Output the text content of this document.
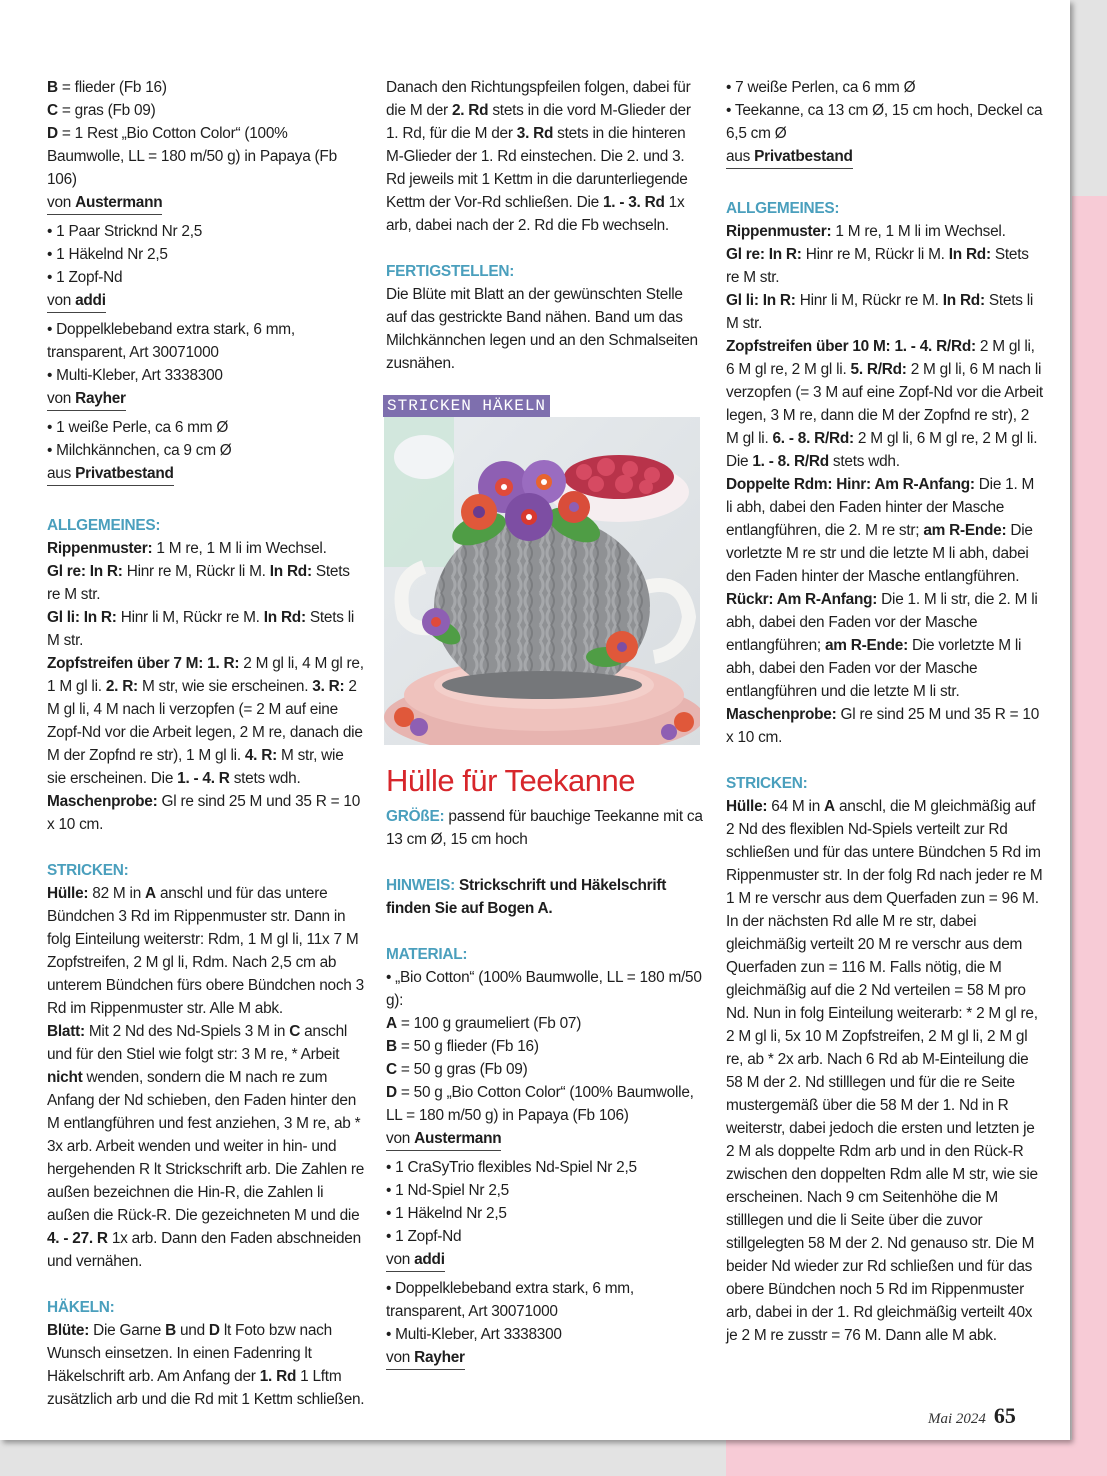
B = flieder (Fb 16)

C = gras (Fb 09)

D = 1 Rest „Bio Cotton Color“ (100% Baumwolle, LL = 180 m/50 g) in Papaya (Fb 106)

von Austermann

• 1 Paar Stricknd Nr 2,5

• 1 Häkelnd Nr 2,5

• 1 Zopf-Nd

von addi

• Doppelklebeband extra stark, 6 mm, transparent, Art 30071000

• Multi-Kleber, Art 3338300

von Rayher

• 1 weiße Perle, ca 6 mm Ø

• Milchkännchen, ca 9 cm Ø

aus Privatbestand

ALLGEMEINES:

Rippenmuster: 1 M re, 1 M li im Wechsel.

Gl re: In R: Hinr re M, Rückr li M. In Rd: Stets re M str.

Gl li: In R: Hinr li M, Rückr re M. In Rd: Stets li M str.

Zopfstreifen über 7 M: 1. R: 2 M gl li, 4 M gl re, 1 M gl li. 2. R: M str, wie sie erscheinen. 3. R: 2 M gl li, 4 M nach li verzopfen (= 2 M auf eine Zopf-Nd vor die Arbeit legen, 2 M re, danach die M der Zopfnd re str), 1 M gl li. 4. R: M str, wie sie erscheinen. Die 1. - 4. R stets wdh.

Maschenprobe: Gl re sind 25 M und 35 R = 10 x 10 cm.

STRICKEN:

Hülle: 82 M in A anschl und für das untere Bündchen 3 Rd im Rippenmuster str. Dann in folg Einteilung weiterstr: Rdm, 1 M gl li, 11x 7 M Zopfstreifen, 2 M gl li, Rdm. Nach 2,5 cm ab unterem Bündchen fürs obere Bündchen noch 3 Rd im Rippenmuster str. Alle M abk.

Blatt: Mit 2 Nd des Nd-Spiels 3 M in C anschl und für den Stiel wie folgt str: 3 M re, * Arbeit nicht wenden, sondern die M nach re zum Anfang der Nd schieben, den Faden hinter den M entlangführen und fest anziehen, 3 M re, ab * 3x arb. Arbeit wenden und weiter in hin- und hergehenden R lt Strickschrift arb. Die Zahlen re außen bezeichnen die Hin-R, die Zahlen li außen die Rück-R. Die gezeichneten M und die 4. - 27. R 1x arb. Dann den Faden abschneiden und vernähen.

HÄKELN:

Blüte: Die Garne B und D lt Foto bzw nach Wunsch einsetzen. In einen Fadenring lt Häkelschrift arb. Am Anfang der 1. Rd 1 Lftm zusätzlich arb und die Rd mit 1 Kettm schließen.

Danach den Richtungspfeilen folgen, dabei für die M der 2. Rd stets in die vord M-Glieder der 1. Rd, für die M der 3. Rd stets in die hinteren M-Glieder der 1. Rd einstechen. Die 2. und 3. Rd jeweils mit 1 Kettm in die darunterliegende Kettm der Vor-Rd schließen. Die 1. - 3. Rd 1x arb, dabei nach der 2. Rd die Fb wechseln.

FERTIGSTELLEN:

Die Blüte mit Blatt an der gewünschten Stelle auf das gestrickte Band nähen. Band um das Milchkännchen legen und an den Schmalseiten zusnähen.

STRICKEN HÄKELN

Hülle für Teekanne

GRÖßE: passend für bauchige Teekanne mit ca 13 cm Ø, 15 cm hoch

HINWEIS: Strickschrift und Häkelschrift finden Sie auf Bogen A.

MATERIAL:

• „Bio Cotton“ (100% Baumwolle, LL = 180 m/50 g):

A = 100 g graumeliert (Fb 07)

B = 50 g flieder (Fb 16)

C = 50 g gras (Fb 09)

D = 50 g „Bio Cotton Color“ (100% Baumwolle, LL = 180 m/50 g) in Papaya (Fb 106)

von Austermann

• 1 CraSyTrio flexibles Nd-Spiel Nr 2,5

• 1 Nd-Spiel Nr 2,5

• 1 Häkelnd Nr 2,5

• 1 Zopf-Nd

von addi

• Doppelklebeband extra stark, 6 mm, transparent, Art 30071000

• Multi-Kleber, Art 3338300

von Rayher

• 7 weiße Perlen, ca 6 mm Ø

• Teekanne, ca 13 cm Ø, 15 cm hoch, Deckel ca 6,5 cm Ø

aus Privatbestand

ALLGEMEINES:

Rippenmuster: 1 M re, 1 M li im Wechsel.

Gl re: In R: Hinr re M, Rückr li M. In Rd: Stets re M str.

Gl li: In R: Hinr li M, Rückr re M. In Rd: Stets li M str.

Zopfstreifen über 10 M: 1. - 4. R/Rd: 2 M gl li, 6 M gl re, 2 M gl li. 5. R/Rd: 2 M gl li, 6 M nach li verzopfen (= 3 M auf eine Zopf-Nd vor die Arbeit legen, 3 M re, dann die M der Zopfnd re str), 2 M gl li. 6. - 8. R/Rd: 2 M gl li, 6 M gl re, 2 M gl li. Die 1. - 8. R/Rd stets wdh.

Doppelte Rdm: Hinr: Am R-Anfang: Die 1. M li abh, dabei den Faden hinter der Masche entlangführen, die 2. M re str; am R-Ende: Die vorletzte M re str und die letzte M li abh, dabei den Faden hinter der Masche entlangführen. Rückr: Am R-Anfang: Die 1. M li str, die 2. M li abh, dabei den Faden vor der Masche entlangführen; am R-Ende: Die vorletzte M li abh, dabei den Faden vor der Masche entlangführen und die letzte M li str.

Maschenprobe: Gl re sind 25 M und 35 R = 10 x 10 cm.

STRICKEN:

Hülle: 64 M in A anschl, die M gleichmäßig auf 2 Nd des flexiblen Nd-Spiels verteilt zur Rd schließen und für das untere Bündchen 5 Rd im Rippenmuster str. In der folg Rd nach jeder re M 1 M re verschr aus dem Querfaden zun = 96 M. In der nächsten Rd alle M re str, dabei gleichmäßig verteilt 20 M re verschr aus dem Querfaden zun = 116 M. Falls nötig, die M gleichmäßig auf die 2 Nd verteilen = 58 M pro Nd. Nun in folg Einteilung weiterarb: * 2 M gl re, 2 M gl li, 5x 10 M Zopfstreifen, 2 M gl li, 2 M gl re, ab * 2x arb. Nach 6 Rd ab M-Einteilung die 58 M der 2. Nd stilllegen und für die re Seite mustergemäß über die 58 M der 1. Nd in R weiterstr, dabei jedoch die ersten und letzten je 2 M als doppelte Rdm arb und in den Rück-R zwischen den doppelten Rdm alle M str, wie sie erscheinen. Nach 9 cm Seitenhöhe die M stilllegen und die li Seite über die zuvor stillgelegten 58 M der 2. Nd genauso str. Die M beider Nd wieder zur Rd schließen und für das obere Bündchen noch 5 Rd im Rippenmuster arb, dabei in der 1. Rd gleichmäßig verteilt 40x je 2 M re zusstr = 76 M. Dann alle M abk.

Mai 2024 65
